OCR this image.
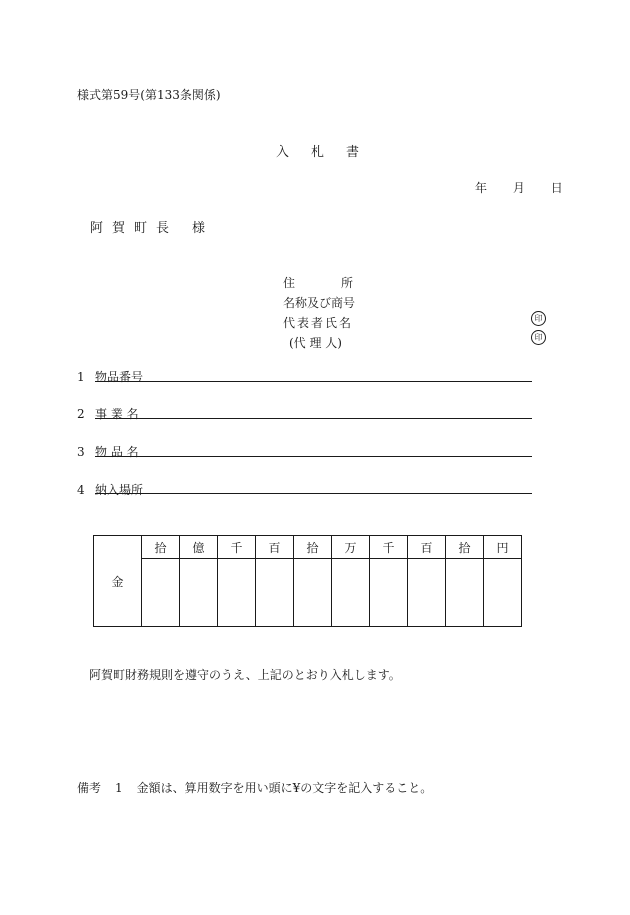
様式第59号(第133条関係)
入札書
年 月 日
阿賀町長 様
住	所
名称及び商号
代表者氏名
(代 理 人)
印
印
1 物品番号
2 事 業 名
3 物 品 名
4 納入場所
金	拾	億	千	百	拾	万	千	百	拾	円

阿賀町財務規則を遵守のうえ、上記のとおり入札します。
備考 1 金額は、算用数字を用い頭に¥の文字を記入すること。
